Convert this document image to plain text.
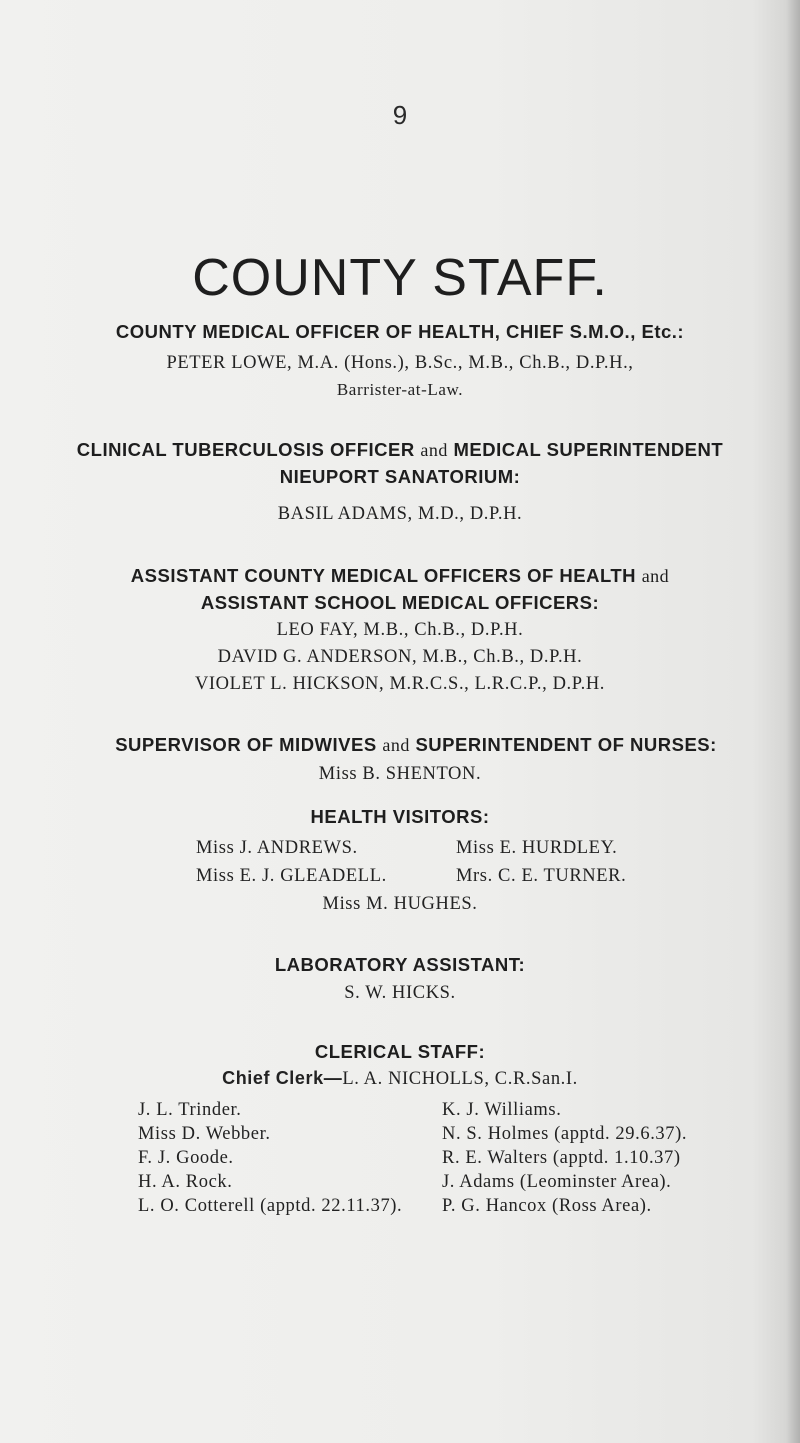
9
COUNTY STAFF.
COUNTY MEDICAL OFFICER OF HEALTH, CHIEF S.M.O., Etc.:
PETER LOWE, M.A. (Hons.), B.Sc., M.B., Ch.B., D.P.H.,
Barrister-at-Law.
CLINICAL TUBERCULOSIS OFFICER and MEDICAL SUPERINTENDENT
NIEUPORT SANATORIUM:
BASIL ADAMS, M.D., D.P.H.
ASSISTANT COUNTY MEDICAL OFFICERS OF HEALTH and
ASSISTANT SCHOOL MEDICAL OFFICERS:
LEO FAY, M.B., Ch.B., D.P.H.
DAVID G. ANDERSON, M.B., Ch.B., D.P.H.
VIOLET L. HICKSON, M.R.C.S., L.R.C.P., D.P.H.
SUPERVISOR OF MIDWIVES and SUPERINTENDENT OF NURSES:
Miss B. SHENTON.
HEALTH VISITORS:
Miss J. ANDREWS.
Miss E. J. GLEADELL.
Miss E. HURDLEY.
Mrs. C. E. TURNER.
Miss M. HUGHES.
LABORATORY ASSISTANT:
S. W. HICKS.
CLERICAL STAFF:
Chief Clerk—L. A. NICHOLLS, C.R.San.I.
J. L. Trinder.
Miss D. Webber.
F. J. Goode.
H. A. Rock.
L. O. Cotterell (apptd. 22.11.37).
K. J. Williams.
N. S. Holmes (apptd. 29.6.37).
R. E. Walters (apptd. 1.10.37)
J. Adams (Leominster Area).
P. G. Hancox (Ross Area).
